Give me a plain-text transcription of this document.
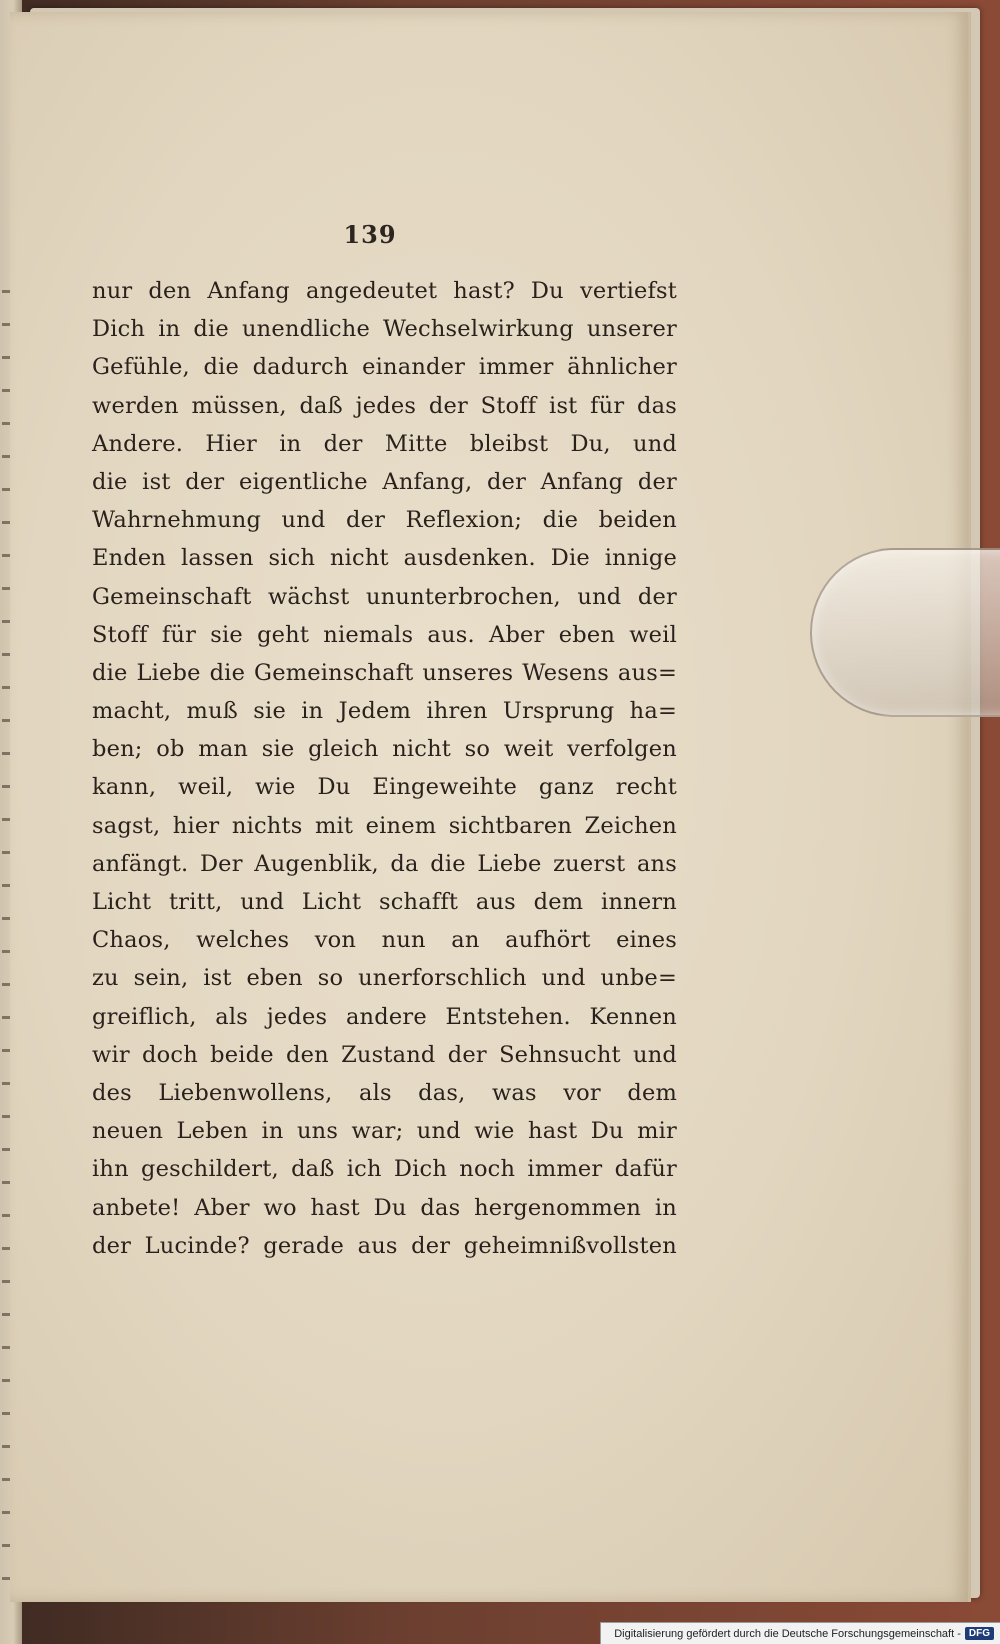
139
nur den Anfang angedeutet hast? Du vertiefst
Dich in die unendliche Wechselwirkung unserer
Gefühle, die dadurch einander immer ähnlicher
werden müssen, daß jedes der Stoff ist für das
Andere. Hier in der Mitte bleibst Du, und
die ist der eigentliche Anfang, der Anfang der
Wahrnehmung und der Reflexion; die beiden
Enden lassen sich nicht ausdenken. Die innige
Gemeinschaft wächst ununterbrochen, und der
Stoff für sie geht niemals aus. Aber eben weil
die Liebe die Gemeinschaft unseres Wesens aus=
macht, muß sie in Jedem ihren Ursprung ha=
ben; ob man sie gleich nicht so weit verfolgen
kann, weil, wie Du Eingeweihte ganz recht
sagst, hier nichts mit einem sichtbaren Zeichen
anfängt. Der Augenblik, da die Liebe zuerst ans
Licht tritt, und Licht schafft aus dem innern
Chaos, welches von nun an aufhört eines
zu sein, ist eben so unerforschlich und unbe=
greiflich, als jedes andere Entstehen. Kennen
wir doch beide den Zustand der Sehnsucht und
des Liebenwollens, als das, was vor dem
neuen Leben in uns war; und wie hast Du mir
ihn geschildert, daß ich Dich noch immer dafür
anbete! Aber wo hast Du das hergenommen in
der Lucinde? gerade aus der geheimnißvollsten
Digitalisierung gefördert durch die Deutsche Forschungsgemeinschaft - DFG
